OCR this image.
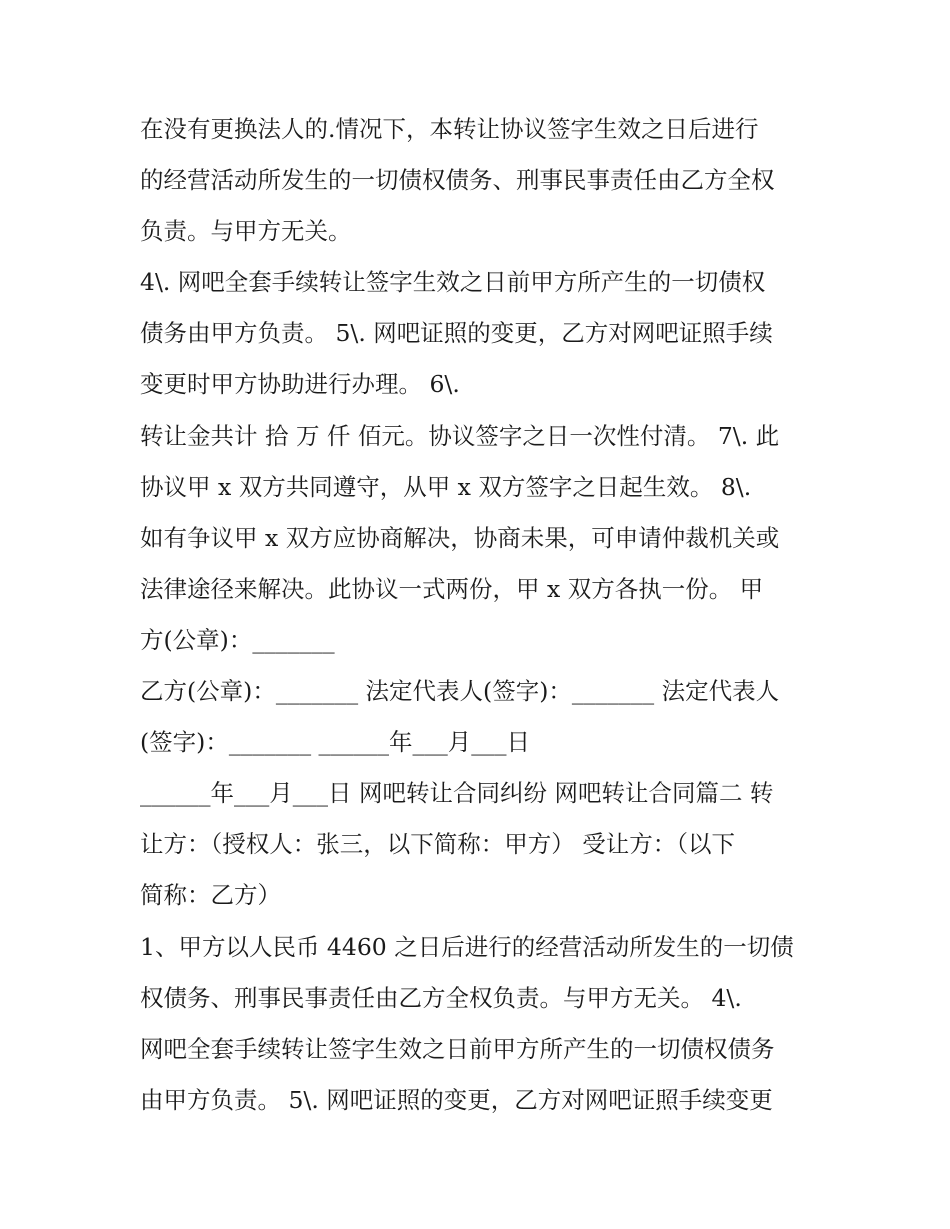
在没有更换法人的.情况下，本转让协议签字生效之日后进行
的经营活动所发生的一切债权债务、刑事民事责任由乙方全权
负责。与甲方无关。
4\. 网吧全套手续转让签字生效之日前甲方所产生的一切债权
债务由甲方负责。 5\. 网吧证照的变更，乙方对网吧证照手续
变更时甲方协助进行办理。 6\.
转让金共计 拾 万 仟 佰元。协议签字之日一次性付清。 7\. 此
协议甲 x 双方共同遵守，从甲 x 双方签字之日起生效。 8\.
如有争议甲 x 双方应协商解决，协商未果，可申请仲裁机关或
法律途径来解决。此协议一式两份，甲 x 双方各执一份。 甲
方(公章)：_______
乙方(公章)：_______ 法定代表人(签字)：_______ 法定代表人
(签字)：_______ ______年___月___日
______年___月___日 网吧转让合同纠纷 网吧转让合同篇二 转
让方：（授权人：张三，以下简称：甲方） 受让方：（以下
简称：乙方）
1、甲方以人民币 4460 之日后进行的经营活动所发生的一切债
权债务、刑事民事责任由乙方全权负责。与甲方无关。 4\.
网吧全套手续转让签字生效之日前甲方所产生的一切债权债务
由甲方负责。 5\. 网吧证照的变更，乙方对网吧证照手续变更
